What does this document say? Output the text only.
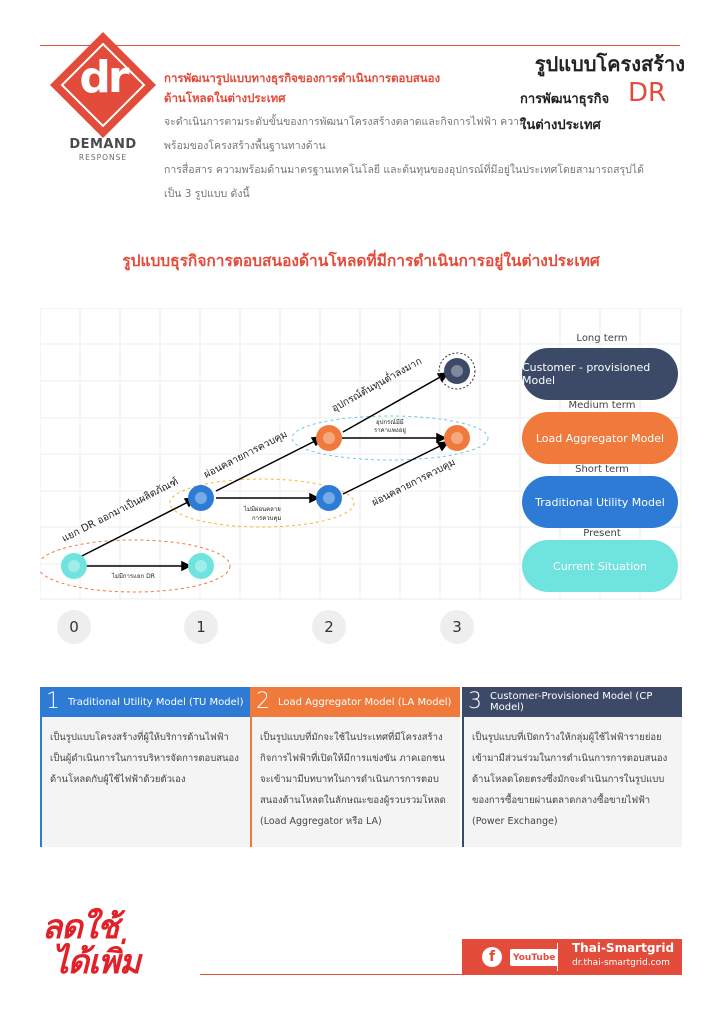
dr
DEMAND
RESPONSE
การพัฒนารูปแบบทางธุรกิจของการดำเนินการตอบสนองด้านโหลดในต่างประเทศ
จะดำเนินการตามระดับขั้นของการพัฒนาโครงสร้างตลาดและกิจการไฟฟ้า ความพร้อมของโครงสร้างพื้นฐานทางด้าน
การสื่อสาร ความพร้อมด้านมาตรฐานเทคโนโลยี และต้นทุนของอุปกรณ์ที่มีอยู่ในประเทศโดยสามารถสรุปได้เป็น 3 รูปแบบ ดังนี้
รูปแบบโครงสร้าง
การพัฒนาธุรกิจ DR
ในต่างประเทศ
รูปแบบธุรกิจการตอบสนองด้านโหลดที่มีการดำเนินการอยู่ในต่างประเทศ
แยก DR ออกมาเป็นผลิตภัณฑ์
ผ่อนคลายการควบคุม
อุปกรณ์ต้นทุนต่ำลงมาก
ผ่อนคลายการควบคุม
ไม่มีการแยก DR
ไม่มีผ่อนคลาย
การควบคุม
อุปกรณ์มีมี
ราคาแพงอยู่
Long term
Customer - provisioned Model
Medium term
Load Aggregator Model
Short term
Traditional Utility Model
Present
Current Situation
0	1	2	3
1 Traditional Utility Model (TU Model)
เป็นรูปแบบโครงสร้างที่ผู้ให้บริการด้านไฟฟ้าเป็นผู้ดำเนินการในการบริหารจัดการตอบสนองด้านโหลดกับผู้ใช้ไฟฟ้าด้วยตัวเอง
2 Load Aggregator Model (LA Model)
เป็นรูปแบบที่มักจะใช้ในประเทศที่มีโครงสร้างกิจการไฟฟ้าที่เปิดให้มีการแข่งขัน ภาคเอกชนจะเข้ามามีบทบาทในการดำเนินการการตอบสนองด้านโหลดในลักษณะของผู้รวบรวมโหลด (Load Aggregator หรือ LA)
3 Customer-Provisioned Model (CP Model)
เป็นรูปแบบที่เปิดกว้างให้กลุ่มผู้ใช้ไฟฟ้ารายย่อยเข้ามามีส่วนร่วมในการดำเนินการการตอบสนองด้านโหลดโดยตรงซึ่งมักจะดำเนินการในรูปแบบของการซื้อขายผ่านตลาดกลางซื้อขายไฟฟ้า (Power Exchange)
ลดใช้
ได้เพิ่ม	f	YouTube
Thai-Smartgrid
dr.thai-smartgrid.com
